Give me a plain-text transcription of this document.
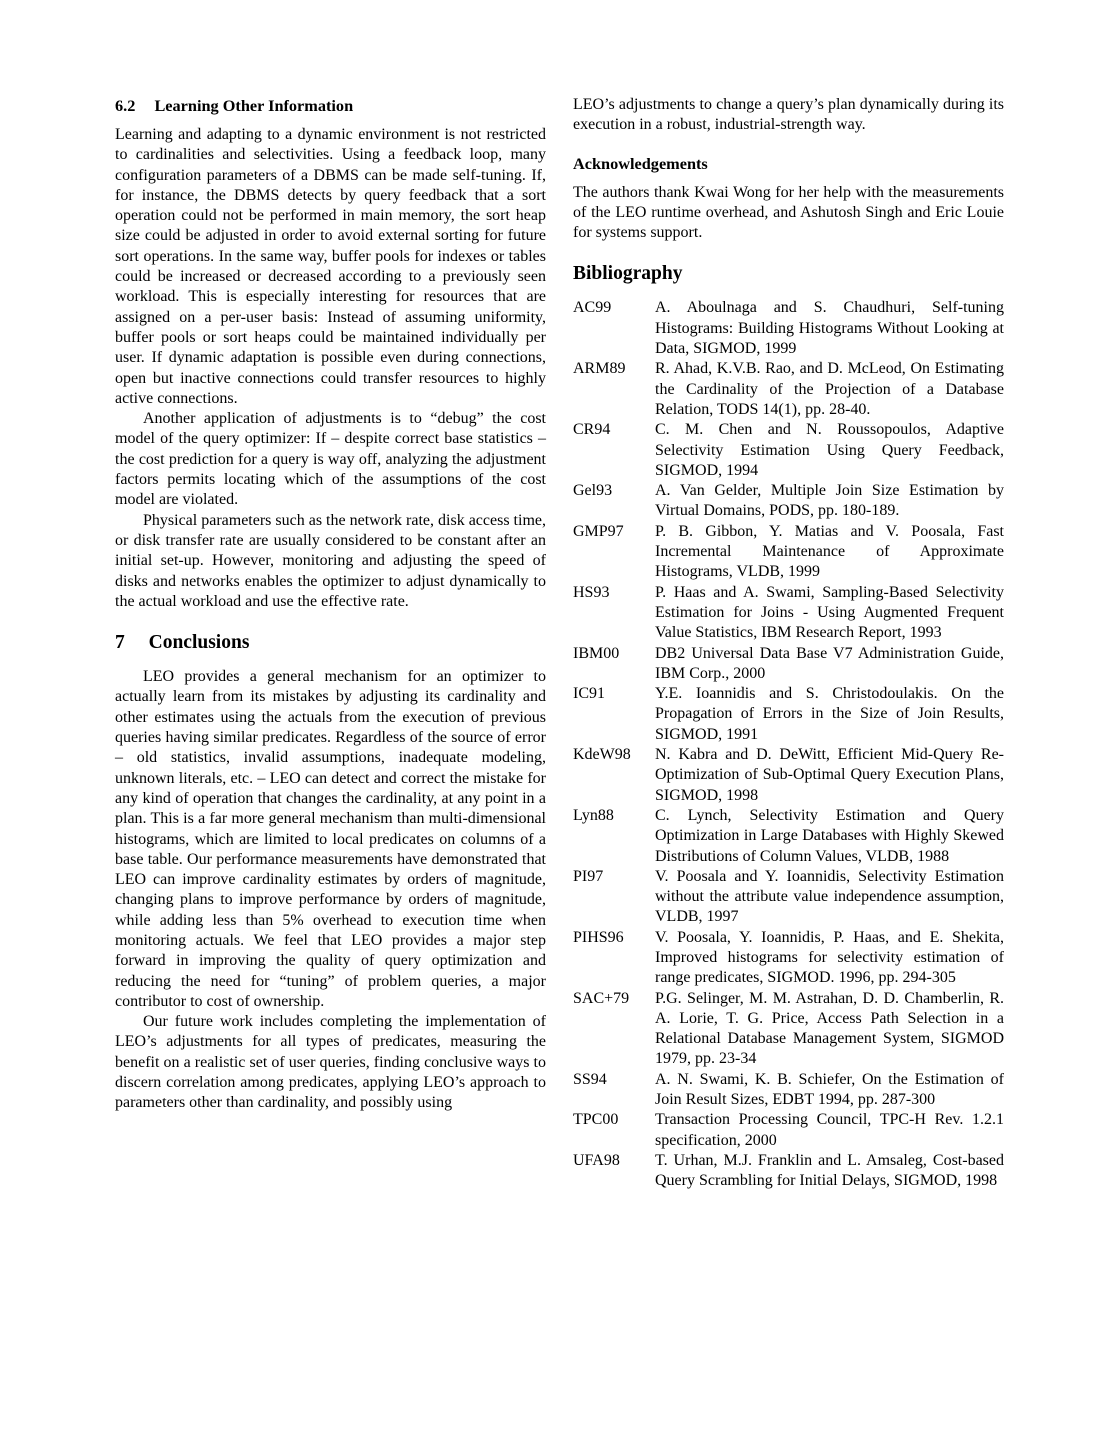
6.2 Learning Other Information

Learning and adapting to a dynamic environment is not restricted to cardinalities and selectivities. Using a feedback loop, many configuration parameters of a DBMS can be made self-tuning. If, for instance, the DBMS detects by query feedback that a sort operation could not be performed in main memory, the sort heap size could be adjusted in order to avoid external sorting for future sort operations. In the same way, buffer pools for indexes or tables could be increased or decreased according to a previously seen workload. This is especially interesting for resources that are assigned on a per-user basis: Instead of assuming uniformity, buffer pools or sort heaps could be maintained individually per user. If dynamic adaptation is possible even during connections, open but inactive connections could transfer resources to highly active connections.

Another application of adjustments is to “debug” the cost model of the query optimizer: If – despite correct base statistics – the cost prediction for a query is way off, analyzing the adjustment factors permits locating which of the assumptions of the cost model are violated.

Physical parameters such as the network rate, disk access time, or disk transfer rate are usually considered to be constant after an initial set-up. However, monitoring and adjusting the speed of disks and networks enables the optimizer to adjust dynamically to the actual workload and use the effective rate.

7 Conclusions

LEO provides a general mechanism for an optimizer to actually learn from its mistakes by adjusting its cardinality and other estimates using the actuals from the execution of previous queries having similar predicates. Regardless of the source of error – old statistics, invalid assumptions, inadequate modeling, unknown literals, etc. – LEO can detect and correct the mistake for any kind of operation that changes the cardinality, at any point in a plan. This is a far more general mechanism than multi-dimensional histograms, which are limited to local predicates on columns of a base table. Our performance measurements have demonstrated that LEO can improve cardinality estimates by orders of magnitude, changing plans to improve performance by orders of magnitude, while adding less than 5% overhead to execution time when monitoring actuals. We feel that LEO provides a major step forward in improving the quality of query optimization and reducing the need for “tuning” of problem queries, a major contributor to cost of ownership.

Our future work includes completing the implementation of LEO’s adjustments for all types of predicates, measuring the benefit on a realistic set of user queries, finding conclusive ways to discern correlation among predicates, applying LEO’s approach to parameters other than cardinality, and possibly using

LEO’s adjustments to change a query’s plan dynamically during its execution in a robust, industrial-strength way.

Acknowledgements

The authors thank Kwai Wong for her help with the measurements of the LEO runtime overhead, and Ashutosh Singh and Eric Louie for systems support.

Bibliography
AC99	A. Aboulnaga and S. Chaudhuri, Self-tuning Histograms: Building Histograms Without Looking at Data, SIGMOD, 1999
ARM89	R. Ahad, K.V.B. Rao, and D. McLeod, On Estimating the Cardinality of the Projection of a Database Relation, TODS 14(1), pp. 28-40.
CR94	C. M. Chen and N. Roussopoulos, Adaptive Selectivity Estimation Using Query Feedback, SIGMOD, 1994
Gel93	A. Van Gelder, Multiple Join Size Estimation by Virtual Domains, PODS, pp. 180-189.
GMP97	P. B. Gibbon, Y. Matias and V. Poosala, Fast Incremental Maintenance of Approximate Histograms, VLDB, 1999
HS93	P. Haas and A. Swami, Sampling-Based Selectivity Estimation for Joins - Using Augmented Frequent Value Statistics, IBM Research Report, 1993
IBM00	DB2 Universal Data Base V7 Administration Guide, IBM Corp., 2000
IC91	Y.E. Ioannidis and S. Christodoulakis. On the Propagation of Errors in the Size of Join Results, SIGMOD, 1991
KdeW98	N. Kabra and D. DeWitt, Efficient Mid-Query Re-Optimization of Sub-Optimal Query Execution Plans, SIGMOD, 1998
Lyn88	C. Lynch, Selectivity Estimation and Query Optimization in Large Databases with Highly Skewed Distributions of Column Values, VLDB, 1988
PI97	V. Poosala and Y. Ioannidis, Selectivity Estimation without the attribute value independence assumption, VLDB, 1997
PIHS96	V. Poosala, Y. Ioannidis, P. Haas, and E. Shekita, Improved histograms for selectivity estimation of range predicates, SIGMOD. 1996, pp. 294-305
SAC+79	P.G. Selinger, M. M. Astrahan, D. D. Chamberlin, R. A. Lorie, T. G. Price, Access Path Selection in a Relational Database Management System, SIGMOD 1979, pp. 23-34
SS94	A. N. Swami, K. B. Schiefer, On the Estimation of Join Result Sizes, EDBT 1994, pp. 287-300
TPC00	Transaction Processing Council, TPC-H Rev. 1.2.1 specification, 2000
UFA98	T. Urhan, M.J. Franklin and L. Amsaleg, Cost-based Query Scrambling for Initial Delays, SIGMOD, 1998
